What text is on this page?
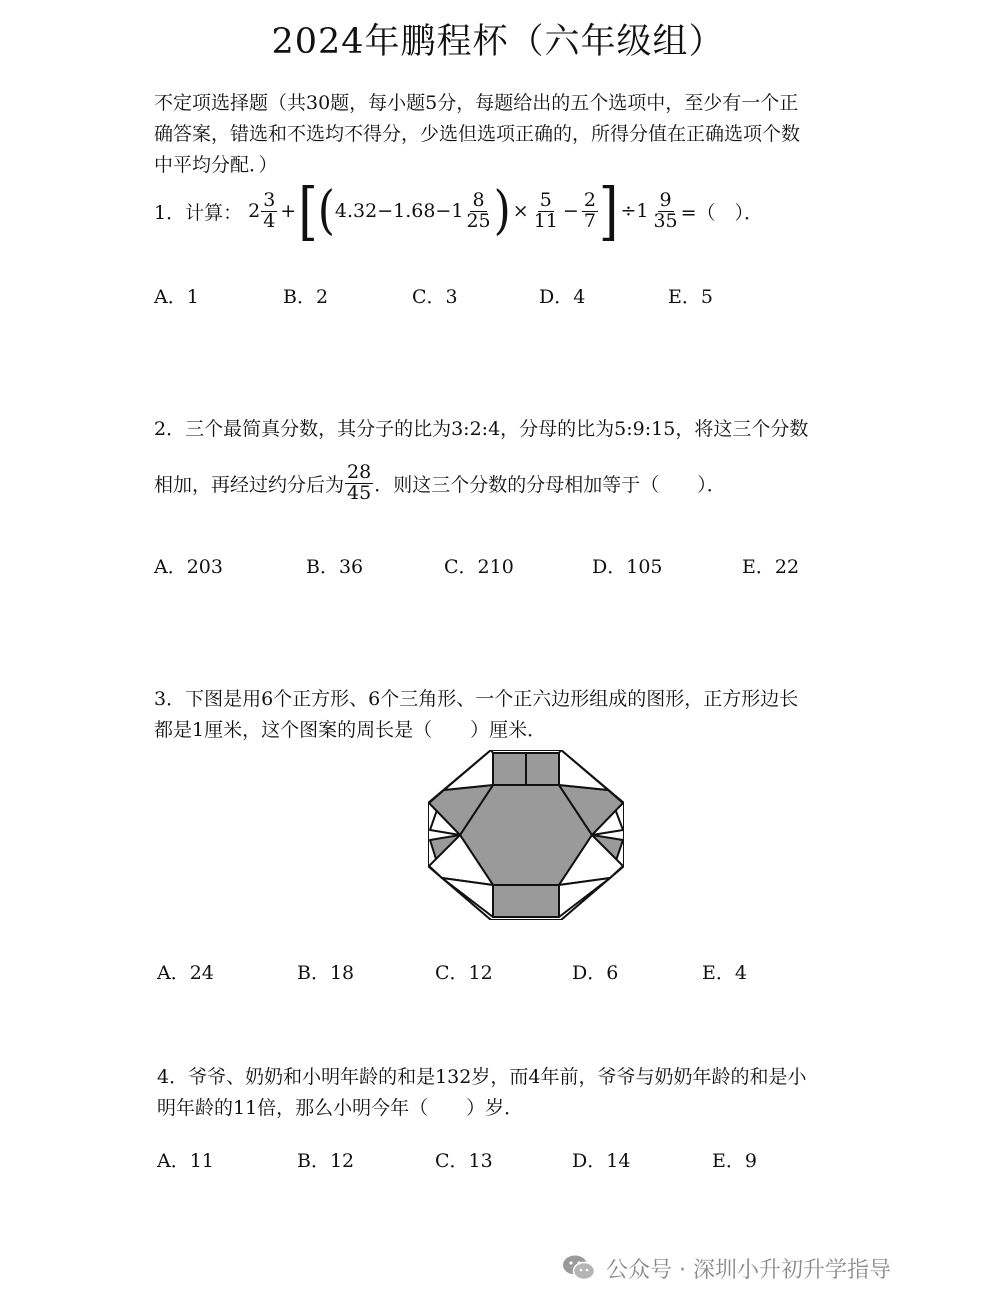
2024年鹏程杯（六年级组）
不定项选择题（共30题，每小题5分，每题给出的五个选项中，至少有一个正
确答案，错选和不选均不得分，少选但选项正确的，所得分值在正确选项个数
中平均分配．）
1．计算： $2 \frac{3}{4}$ + [ ( $4.32-1.68-1 \frac{8}{25}$ ) × $\frac{5}{11} - \frac{2}{7}$ ] $\div 1 \frac{9}{35}$ =（　）．
A．1	B．2	C．3	D．4	E．5
2．三个最简真分数，其分子的比为3:2:4，分母的比为5:9:15，将这三个分数
相加，再经过约分后为 $\frac{28}{45}$ ．则这三个分数的分母相加等于（　　）．
A．203	B．36	C．210	D．105	E．22
3．下图是用6个正方形、6个三角形、一个正六边形组成的图形，正方形边长
都是1厘米，这个图案的周长是（　　）厘米．
A．24	B．18	C．12	D．6	E．4
4．爷爷、奶奶和小明年龄的和是132岁，而4年前，爷爷与奶奶年龄的和是小
明年龄的11倍，那么小明今年（　　）岁．
A．11	B．12	C．13	D．14	E．9
公众号 · 深圳小升初升学指导
